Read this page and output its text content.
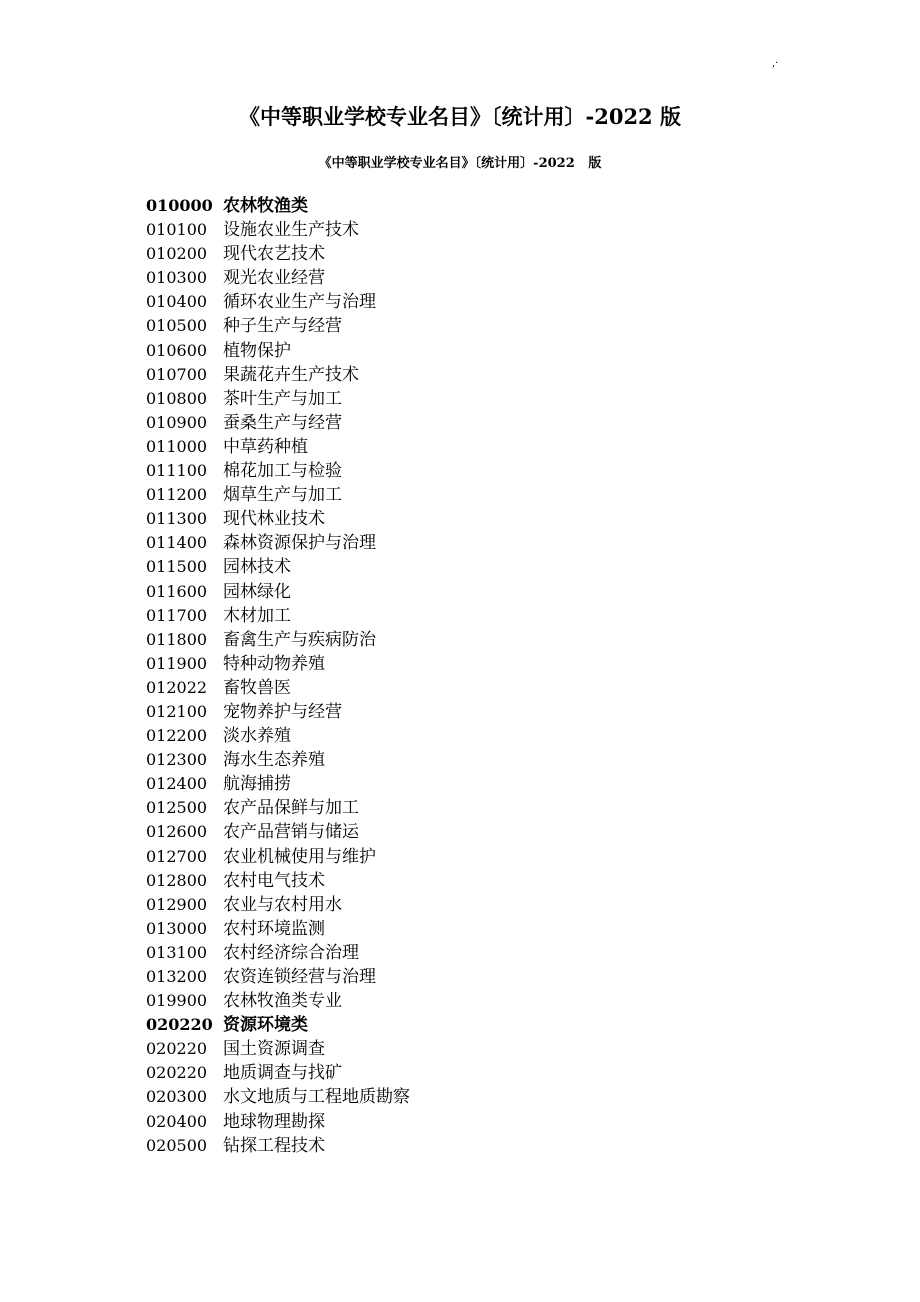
,·
《中等职业学校专业名目》〔统计用〕-2022 版
《中等职业学校专业名目》〔统计用〕-2022   版
010000 农林牧渔类
010100 设施农业生产技术
010200 现代农艺技术
010300 观光农业经营
010400 循环农业生产与治理
010500 种子生产与经营
010600 植物保护
010700 果蔬花卉生产技术
010800 茶叶生产与加工
010900 蚕桑生产与经营
011000 中草药种植
011100 棉花加工与检验
011200 烟草生产与加工
011300 现代林业技术
011400 森林资源保护与治理
011500 园林技术
011600 园林绿化
011700 木材加工
011800 畜禽生产与疾病防治
011900 特种动物养殖
012022 畜牧兽医
012100 宠物养护与经营
012200 淡水养殖
012300 海水生态养殖
012400 航海捕捞
012500 农产品保鲜与加工
012600 农产品营销与储运
012700 农业机械使用与维护
012800 农村电气技术
012900 农业与农村用水
013000 农村环境监测
013100 农村经济综合治理
013200 农资连锁经营与治理
019900 农林牧渔类专业
020220 资源环境类
020220 国土资源调查
020220 地质调查与找矿
020300 水文地质与工程地质勘察
020400 地球物理勘探
020500 钻探工程技术
